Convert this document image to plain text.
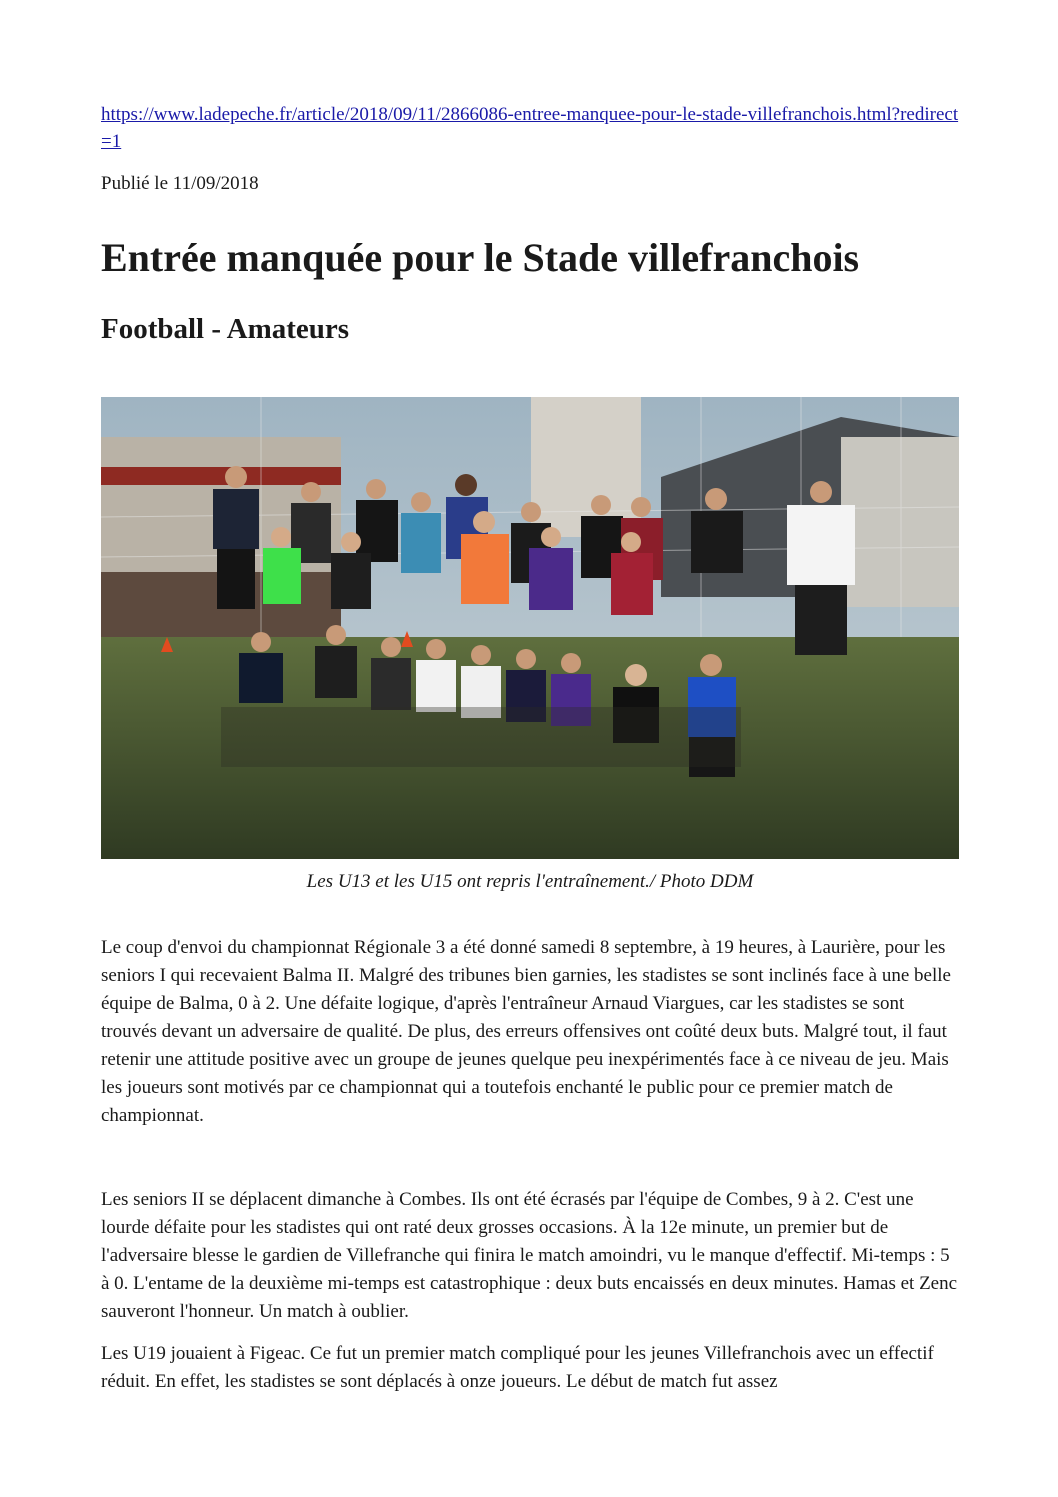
https://www.ladepeche.fr/article/2018/09/11/2866086-entree-manquee-pour-le-stade-villefranchois.html?redirect=1
Publié le 11/09/2018
Entrée manquée pour le Stade villefranchois
Football - Amateurs
Les U13 et les U15 ont repris l'entraînement./ Photo DDM

Le coup d'envoi du championnat Régionale 3 a été donné samedi 8 septembre, à 19 heures, à Laurière, pour les seniors I qui recevaient Balma II. Malgré des tribunes bien garnies, les stadistes se sont inclinés face à une belle équipe de Balma, 0 à 2. Une défaite logique, d'après l'entraîneur Arnaud Viargues, car les stadistes se sont trouvés devant un adversaire de qualité. De plus, des erreurs offensives ont coûté deux buts. Malgré tout, il faut retenir une attitude positive avec un groupe de jeunes quelque peu inexpérimentés face à ce niveau de jeu. Mais les joueurs sont motivés par ce championnat qui a toutefois enchanté le public pour ce premier match de championnat.

Les seniors II se déplacent dimanche à Combes. Ils ont été écrasés par l'équipe de Combes, 9 à 2. C'est une lourde défaite pour les stadistes qui ont raté deux grosses occasions. À la 12e minute, un premier but de l'adversaire blesse le gardien de Villefranche qui finira le match amoindri, vu le manque d'effectif. Mi-temps : 5 à 0. L'entame de la deuxième mi-temps est catastrophique : deux buts encaissés en deux minutes. Hamas et Zenc sauveront l'honneur. Un match à oublier.

Les U19 jouaient à Figeac. Ce fut un premier match compliqué pour les jeunes Villefranchois avec un effectif réduit. En effet, les stadistes se sont déplacés à onze joueurs. Le début de match fut assez
